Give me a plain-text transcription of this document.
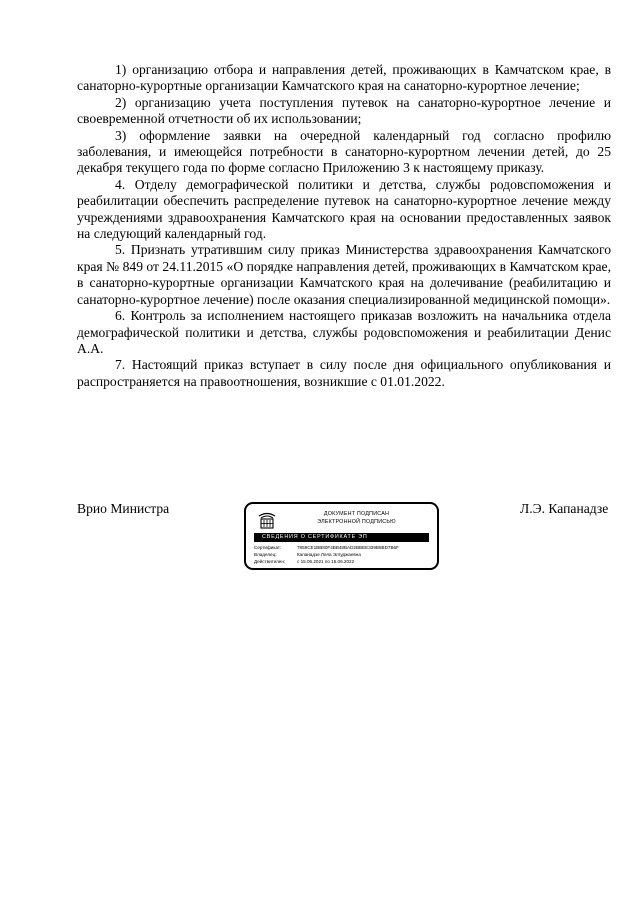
1) организацию отбора и направления детей, проживающих в Камчатском крае, в санаторно-курортные организации Камчатского края на санаторно-курортное лечение;

2) организацию учета поступления путевок на санаторно-курортное лечение и своевременной отчетности об их использовании;

3) оформление заявки на очередной календарный год согласно профилю заболевания, и имеющейся потребности в санаторно-курортном лечении детей, до 25 декабря текущего года по форме согласно Приложению 3 к настоящему приказу.

4. Отделу демографической политики и детства, службы родовспоможения и реабилитации обеспечить распределение путевок на санаторно-курортное лечение между учреждениями здравоохранения Камчатского края на основании предоставленных заявок на следующий календарный год.

5. Признать утратившим силу приказ Министерства здравоохранения Камчатского края № 849 от 24.11.2015 «О порядке направления детей, проживающих в Камчатском крае, в санаторно-курортные организации Камчатского края на долечивание (реабилитацию и санаторно-курортное лечение) после оказания специализированной медицинской помощи».

6. Контроль за исполнением настоящего приказав возложить на начальника отдела демографической политики и детства, службы родовспоможения и реабилитации Денис А.А.

7. Настоящий приказ вступает в силу после дня официального опубликования и распространяется на правоотношения, возникшие с 01.01.2022.

Врио Министра	ДОКУМЕНТ ПОДПИСАН
ЭЛЕКТРОННОЙ ПОДПИСЬЮ
СВЕДЕНИЯ О СЕРТИФИКАТЕ ЭП
Сертификат:	7859CE1BB80F4BB48BAD2BBEE339B8BD7B6F
Владелец:	Капанадзе Лела Элгуджаевна
Действителен:	с 15.06.2021 по 15.06.2022
Л.Э. Капанадзе
